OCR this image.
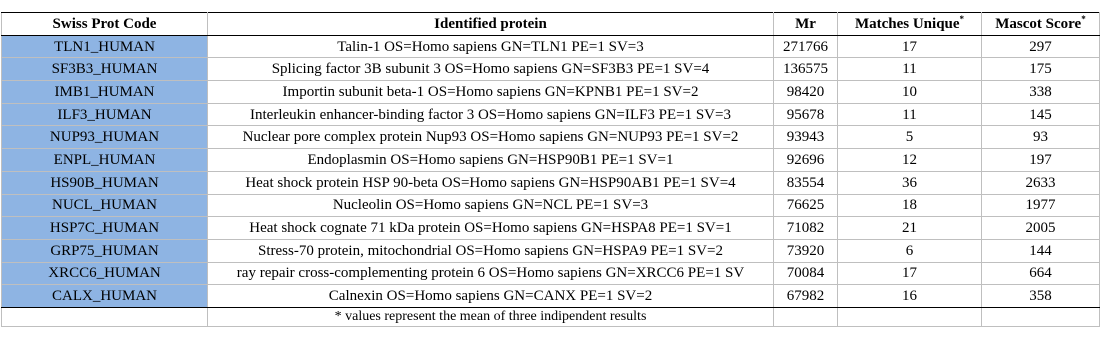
Swiss Prot Code	Identified protein	Mr	Matches Unique*	Mascot Score*
TLN1_HUMAN	Talin-1 OS=Homo sapiens GN=TLN1 PE=1 SV=3	271766	17	297
SF3B3_HUMAN	Splicing factor 3B subunit 3 OS=Homo sapiens GN=SF3B3 PE=1 SV=4	136575	11	175
IMB1_HUMAN	Importin subunit beta-1 OS=Homo sapiens GN=KPNB1 PE=1 SV=2	98420	10	338
ILF3_HUMAN	Interleukin enhancer-binding factor 3 OS=Homo sapiens GN=ILF3 PE=1 SV=3	95678	11	145
NUP93_HUMAN	Nuclear pore complex protein Nup93 OS=Homo sapiens GN=NUP93 PE=1 SV=2	93943	5	93
ENPL_HUMAN	Endoplasmin OS=Homo sapiens GN=HSP90B1 PE=1 SV=1	92696	12	197
HS90B_HUMAN	Heat shock protein HSP 90-beta OS=Homo sapiens GN=HSP90AB1 PE=1 SV=4	83554	36	2633
NUCL_HUMAN	Nucleolin OS=Homo sapiens GN=NCL PE=1 SV=3	76625	18	1977
HSP7C_HUMAN	Heat shock cognate 71 kDa protein OS=Homo sapiens GN=HSPA8 PE=1 SV=1	71082	21	2005
GRP75_HUMAN	Stress-70 protein, mitochondrial OS=Homo sapiens GN=HSPA9 PE=1 SV=2	73920	6	144
XRCC6_HUMAN	ray repair cross-complementing protein 6 OS=Homo sapiens GN=XRCC6 PE=1 SV	70084	17	664
CALX_HUMAN	Calnexin OS=Homo sapiens GN=CANX PE=1 SV=2	67982	16	358
	* values represent the mean of three indipendent results			
